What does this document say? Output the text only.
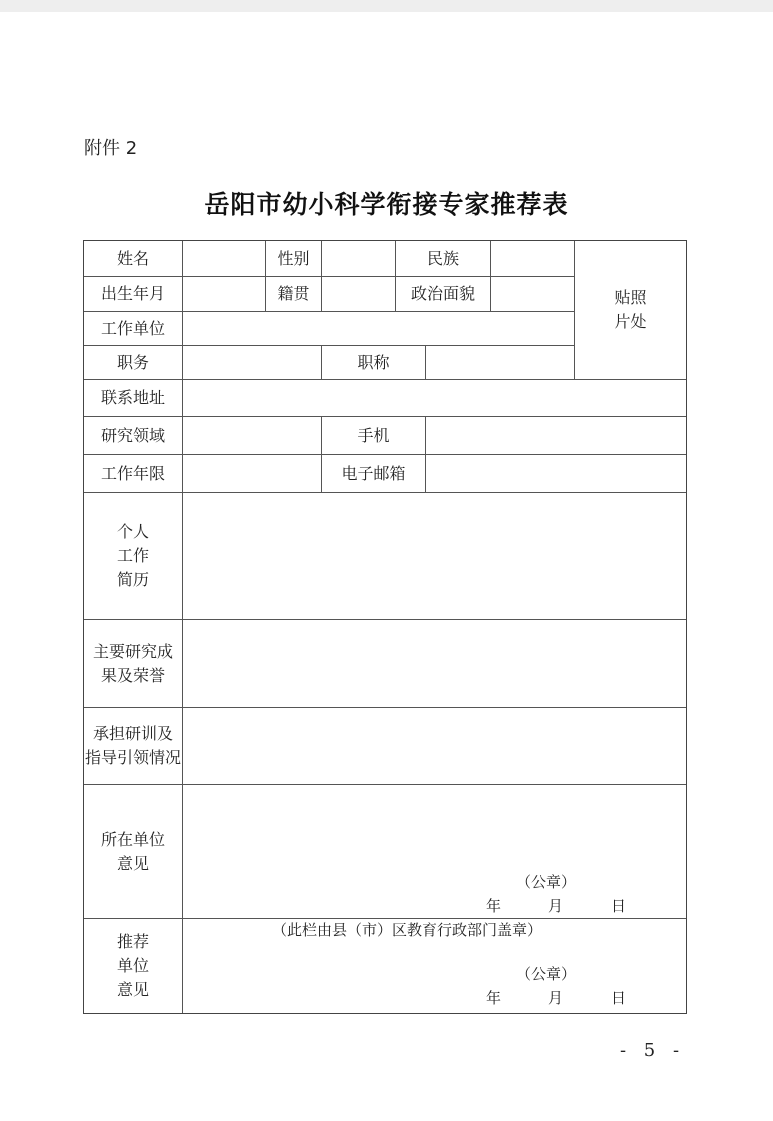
附件 2
岳阳市幼小科学衔接专家推荐表
姓名	性别	民族
贴照
片处
出生年月	籍贯	政治面貌
工作单位
职务	职称
联系地址
研究领域	手机
工作年限	电子邮箱
个人
工作
简历
主要研究成
果及荣誉
承担研训及
指导引领情况
所在单位
意见
（公章）
年	月	日
推荐
单位
意见
（此栏由县（市）区教育行政部门盖章）
（公章）
年	月	日
- 5 -
